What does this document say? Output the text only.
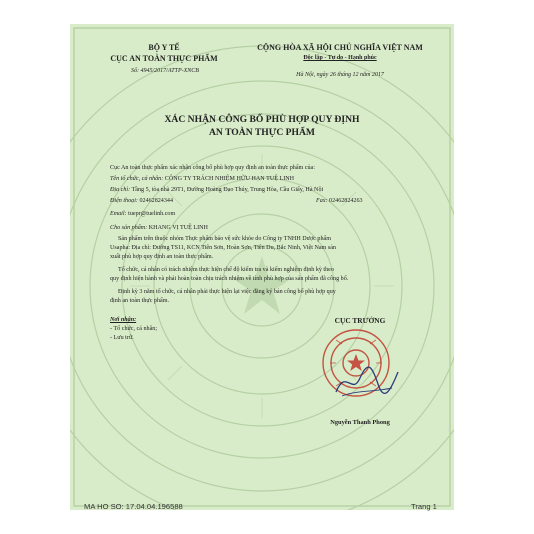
BỘ Y TẾ
CỤC AN TOÀN THỰC PHẨM
Số: 4945/2017/ATTP-XNCB
CỘNG HÒA XÃ HỘI CHỦ NGHĨA VIỆT NAM
Độc lập - Tự do - Hạnh phúc
Hà Nội, ngày 26 tháng 12 năm 2017
XÁC NHẬN CÔNG BỐ PHÙ HỢP QUY ĐỊNH
AN TOÀN THỰC PHẨM
Cục An toàn thực phẩm xác nhận công bố phù hợp quy định an toàn thực phẩm của:
Tên tổ chức, cá nhân: CÔNG TY TRÁCH NHIỆM HỮU HẠN TUỆ LINH
Địa chỉ: Tầng 5, tòa nhà 29T1, Đường Hoàng Đạo Thúy, Trung Hòa, Cầu Giấy, Hà Nội
Điện thoại: 02462824344	Fax: 02462824263
Email: tuepr@tuelinh.com
Cho sản phẩm: KHANG VỊ TUỆ LINH
Sản phẩm trên thuộc nhóm Thực phẩm bảo vệ sức khỏe do Công ty TNHH Dược phẩm
Usapha: Địa chỉ: Đường TS11, KCN Tiên Sơn, Hoàn Sơn, Tiên Du, Bắc Ninh, Việt Nam sản
xuất phù hợp quy định an toàn thực phẩm.
Tổ chức, cá nhân có trách nhiệm thực hiện chế độ kiểm tra và kiểm nghiệm định kỳ theo
quy định hiện hành và phải hoàn toàn chịu trách nhiệm về tính phù hợp của sản phẩm đã công bố.
Định kỳ 3 năm tổ chức, cá nhân phải thực hiện lại việc đăng ký bản công bố phù hợp quy
định an toàn thực phẩm.
Nơi nhận:
- Tổ chức, cá nhân;
- Lưu trữ.
CỤC TRƯỞNG
Nguyễn Thanh Phong
MA HO SO: 17.04.04.196588	Trang 1
